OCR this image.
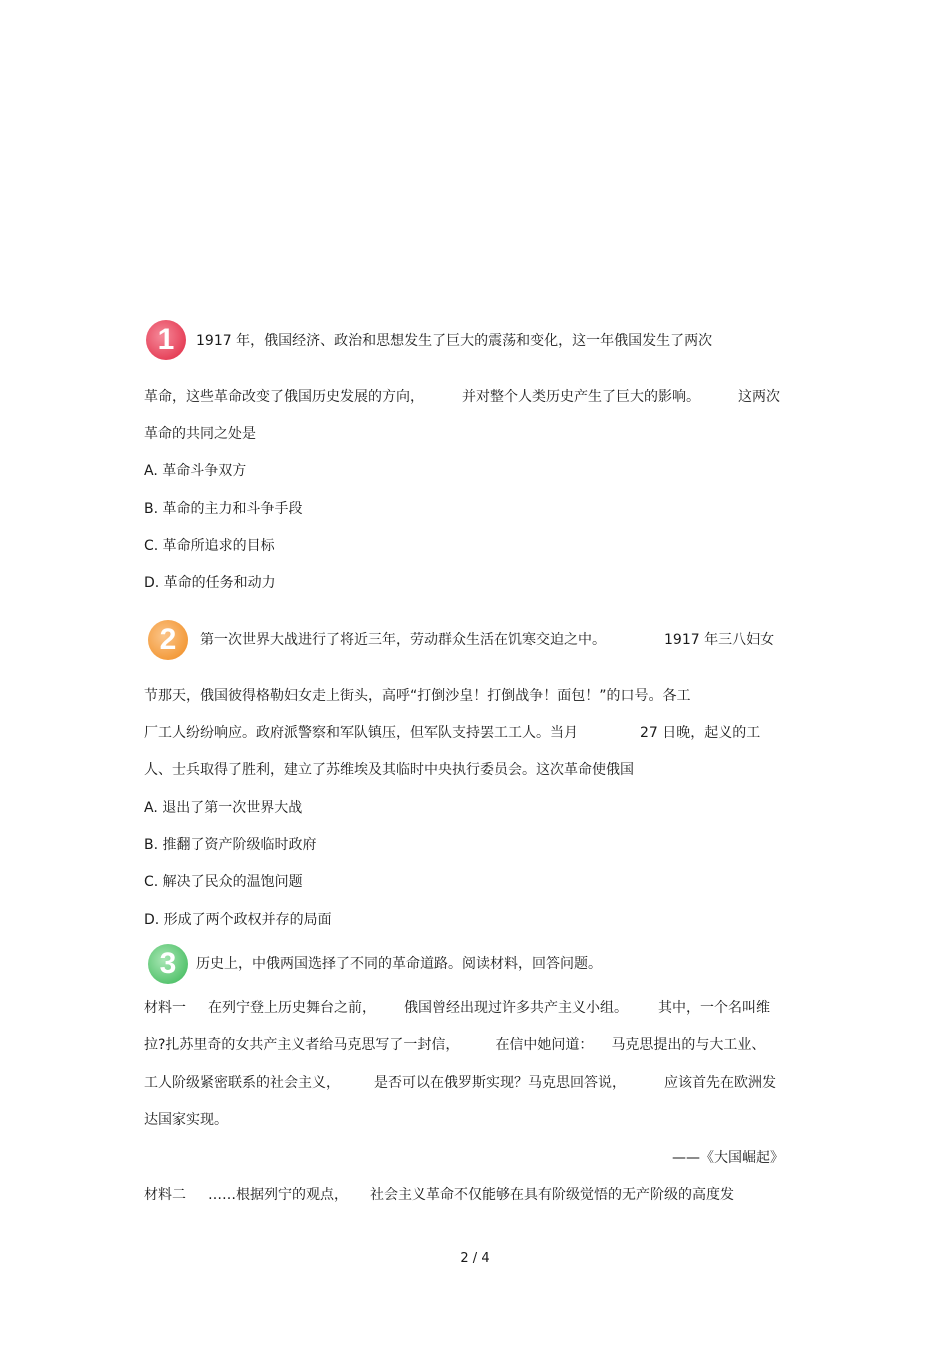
1 1917 年，俄国经济、政治和思想发生了巨大的震荡和变化，这一年俄国发生了两次
革命，这些革命改变了俄国历史发展的方向，	并对整个人类历史产生了巨大的影响。	这两次
革命的共同之处是
A. 革命斗争双方
B. 革命的主力和斗争手段
C. 革命所追求的目标
D. 革命的任务和动力
2 第一次世界大战进行了将近三年，劳动群众生活在饥寒交迫之中。	1917 年三八妇女
节那天，俄国彼得格勒妇女走上街头，高呼“打倒沙皇！打倒战争！面包！”的口号。各工
厂工人纷纷响应。政府派警察和军队镇压，但军队支持罢工工人。当月	27 日晚，起义的工
人、士兵取得了胜利，建立了苏维埃及其临时中央执行委员会。这次革命使俄国
A. 退出了第一次世界大战
B. 推翻了资产阶级临时政府
C. 解决了民众的温饱问题
D. 形成了两个政权并存的局面
3 历史上，中俄两国选择了不同的革命道路。阅读材料，回答问题。
材料一 在列宁登上历史舞台之前， 俄国曾经出现过许多共产主义小组。 其中，一个名叫维
拉?扎苏里奇的女共产主义者给马克思写了一封信，	在信中她问道： 马克思提出的与大工业、
工人阶级紧密联系的社会主义， 是否可以在俄罗斯实现？马克思回答说，	应该首先在欧洲发
达国家实现。
——《大国崛起》
材料二 ……根据列宁的观点， 社会主义革命不仅能够在具有阶级觉悟的无产阶级的高度发
2 / 4
